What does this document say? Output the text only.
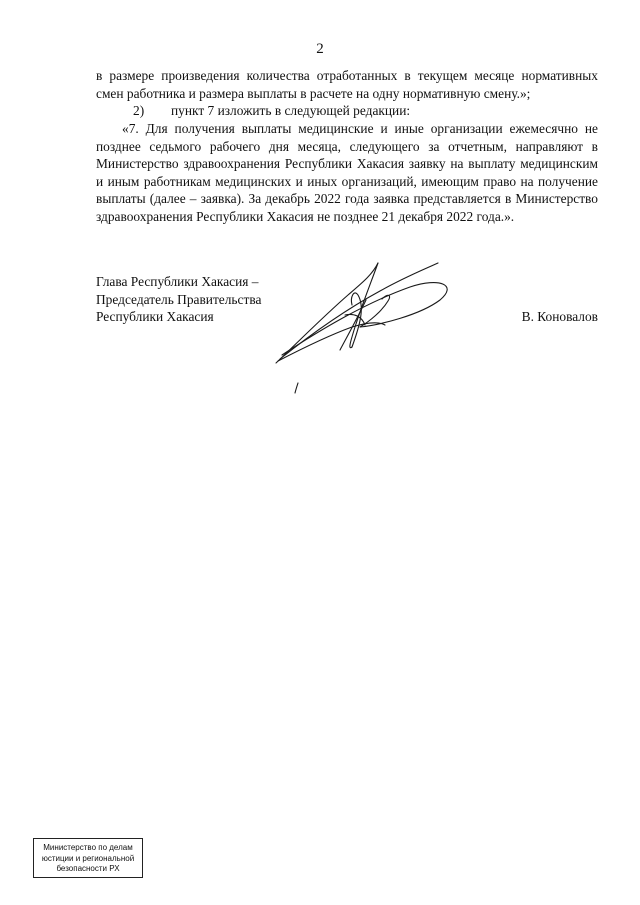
2
в размере произведения количества отработанных в текущем месяце нормативных смен работника и размера выплаты в расчете на одну нормативную смену.»;
2) пункт 7 изложить в следующей редакции:
«7. Для получения выплаты медицинские и иные организации ежемесячно не позднее седьмого рабочего дня месяца, следующего за отчетным, направляют в Министерство здравоохранения Республики Хакасия заявку на выплату медицинским и иным работникам медицинских и иных организаций, имеющим право на получение выплаты (далее – заявка). За декабрь 2022 года заявка представляется в Министерство здравоохранения Республики Хакасия не позднее 21 декабря 2022 года.».
Глава Республики Хакасия –
Председатель Правительства
Республики Хакасия	В. Коновалов
Министерство по делам
юстиции и региональной
безопасности РХ
